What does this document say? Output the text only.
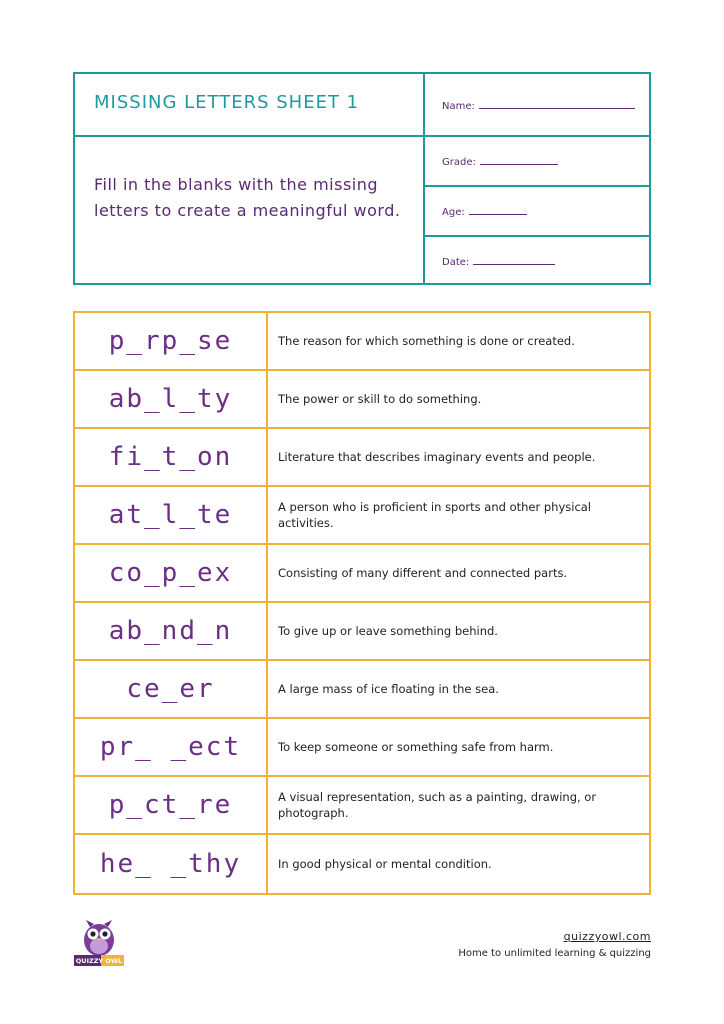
MISSING LETTERS SHEET 1

Fill in the blanks with the missing letters to create a meaningful word.

Name:
Grade:
Age:
Date:
p_rp_se	The reason for which something is done or created.
ab_l_ty	The power or skill to do something.
fi_t_on	Literature that describes imaginary events and people.
at_l_te	A person who is proficient in sports and other physical activities.
co_p_ex	Consisting of many different and connected parts.
ab_nd_n	To give up or leave something behind.
ce_er	A large mass of ice floating in the sea.
pr_ _ect	To keep someone or something safe from harm.
p_ct_re	A visual representation, such as a painting, drawing, or photograph.
he_ _thy	In good physical or mental condition.
QUIZZY OWL
quizzyowl.com
Home to unlimited learning & quizzing
